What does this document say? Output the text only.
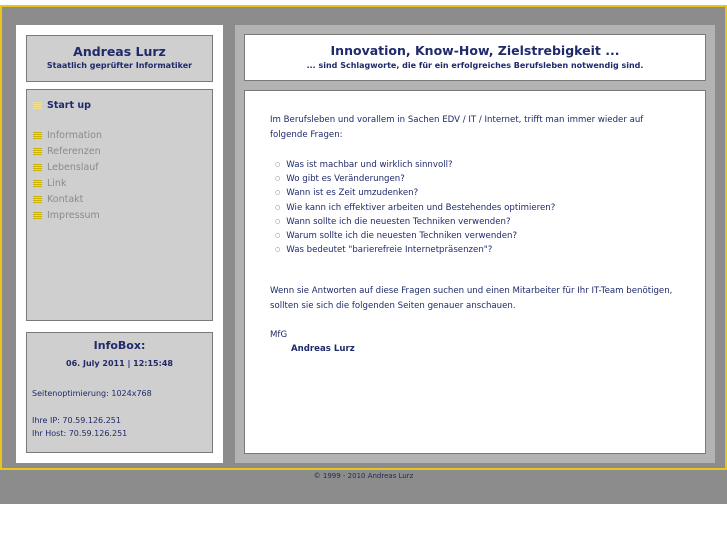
Andreas Lurz
Staatlich geprüfter Informatiker
Start up
Information
Referenzen
Lebenslauf
Link
Kontakt
Impressum
InfoBox:
06. July 2011 | 12:15:48
Seitenoptimierung: 1024x768
Ihre IP: 70.59.126.251
Ihr Host: 70.59.126.251
Innovation, Know-How, Zielstrebigkeit ...
... sind Schlagworte, die für ein erfolgreiches Berufsleben notwendig sind.
Im Berufsleben und vorallem in Sachen EDV / IT / Internet, trifft man immer wieder auf folgende Fragen:
○ Was ist machbar und wirklich sinnvoll?
○ Wo gibt es Veränderungen?
○ Wann ist es Zeit umzudenken?
○ Wie kann ich effektiver arbeiten und Bestehendes optimieren?
○ Wann sollte ich die neuesten Techniken verwenden?
○ Warum sollte ich die neuesten Techniken verwenden?
○ Was bedeutet "barierefreie Internetpräsenzen"?
Wenn sie Antworten auf diese Fragen suchen und einen Mitarbeiter für Ihr IT-Team benötigen, sollten sie sich die folgenden Seiten genauer anschauen.
MfG
Andreas Lurz
© 1999 - 2010 Andreas Lurz
